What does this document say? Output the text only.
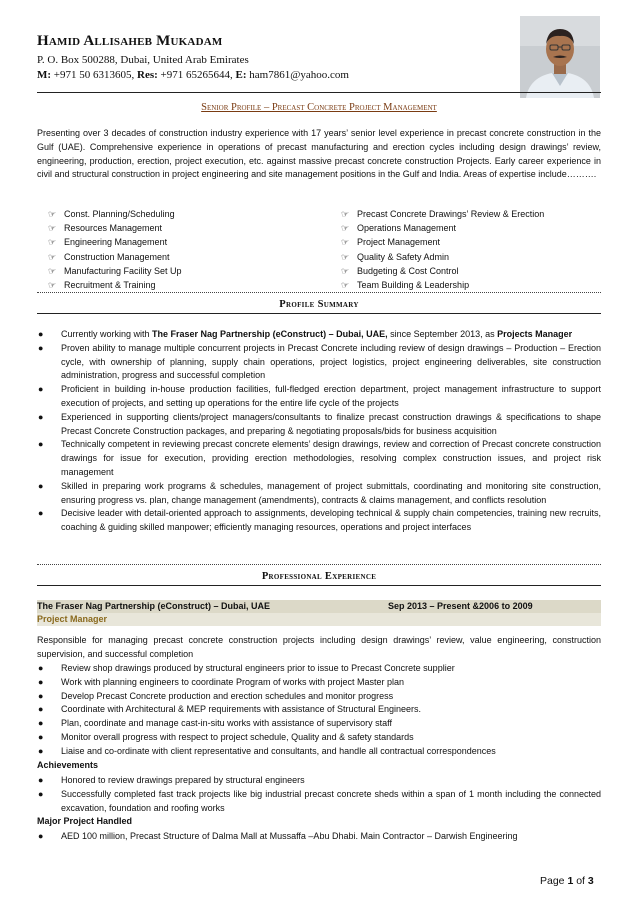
Hamid Allisaheb Mukadam
P. O. Box 500288, Dubai, United Arab Emirates
M: +971 50 6313605, Res: +971 65265644, E: ham7861@yahoo.com
Senior Profile – Precast Concrete Project Management
Presenting over 3 decades of construction industry experience with 17 years’ senior level experience in precast concrete construction in the Gulf (UAE). Comprehensive experience in operations of precast manufacturing and erection cycles including design drawings’ review, engineering, production, erection, project execution, etc. against massive precast concrete construction Projects. Early career experience in civil and structural construction in project engineering and site management positions in the Gulf and India. Areas of expertise include……….
☞ Const. Planning/Scheduling
☞ Resources Management
☞ Engineering Management
☞ Construction Management
☞ Manufacturing Facility Set Up
☞ Recruitment & Training
☞ Precast Concrete Drawings’ Review & Erection
☞ Operations Management
☞ Project Management
☞ Quality & Safety Admin
☞ Budgeting & Cost Control
☞ Team Building & Leadership
Profile Summary
● Currently working with The Fraser Nag Partnership (eConstruct) – Dubai, UAE, since September 2013, as Projects Manager
● Proven ability to manage multiple concurrent projects in Precast Concrete including review of design drawings – Production – Erection cycle, with ownership of planning, supply chain operations, project logistics, project engineering deliverables, site construction administration, progress and successful completion
● Proficient in building in-house production facilities, full-fledged erection department, project management infrastructure to support execution of projects, and setting up operations for the entire life cycle of the projects
● Experienced in supporting clients/project managers/consultants to finalize precast construction drawings & specifications to shape Precast Concrete Construction packages, and preparing & negotiating proposals/bids for business acquisition
● Technically competent in reviewing precast concrete elements’ design drawings, review and correction of Precast concrete construction drawings for issue for execution, providing erection methodologies, resolving complex construction issues, and project risk management
● Skilled in preparing work programs & schedules, management of project submittals, coordinating and monitoring site construction, ensuring progress vs. plan, change management (amendments), contracts & claims management, and conflicts resolution
● Decisive leader with detail-oriented approach to assignments, developing technical & supply chain competencies, training new recruits, coaching & guiding skilled manpower; efficiently managing resources, operations and project interfaces
Professional Experience
The Fraser Nag Partnership (eConstruct) – Dubai, UAE	Sep 2013 – Present &2006 to 2009
Project Manager
Responsible for managing precast concrete construction projects including design drawings’ review, value engineering, construction supervision, and successful completion
● Review shop drawings produced by structural engineers prior to issue to Precast Concrete supplier
● Work with planning engineers to coordinate Program of works with project Master plan
● Develop Precast Concrete production and erection schedules and monitor progress
● Coordinate with Architectural & MEP requirements with assistance of Structural Engineers.
● Plan, coordinate and manage cast-in-situ works with assistance of supervisory staff
● Monitor overall progress with respect to project schedule, Quality and & safety standards
● Liaise and co-ordinate with client representative and consultants, and handle all contractual correspondences
Achievements
● Honored to review drawings prepared by structural engineers
● Successfully completed fast track projects like big industrial precast concrete sheds within a span of 1 month including the connected excavation, foundation and roofing works
Major Project Handled
● AED 100 million, Precast Structure of Dalma Mall at Mussaffa –Abu Dhabi. Main Contractor – Darwish Engineering
Page 1 of 3
